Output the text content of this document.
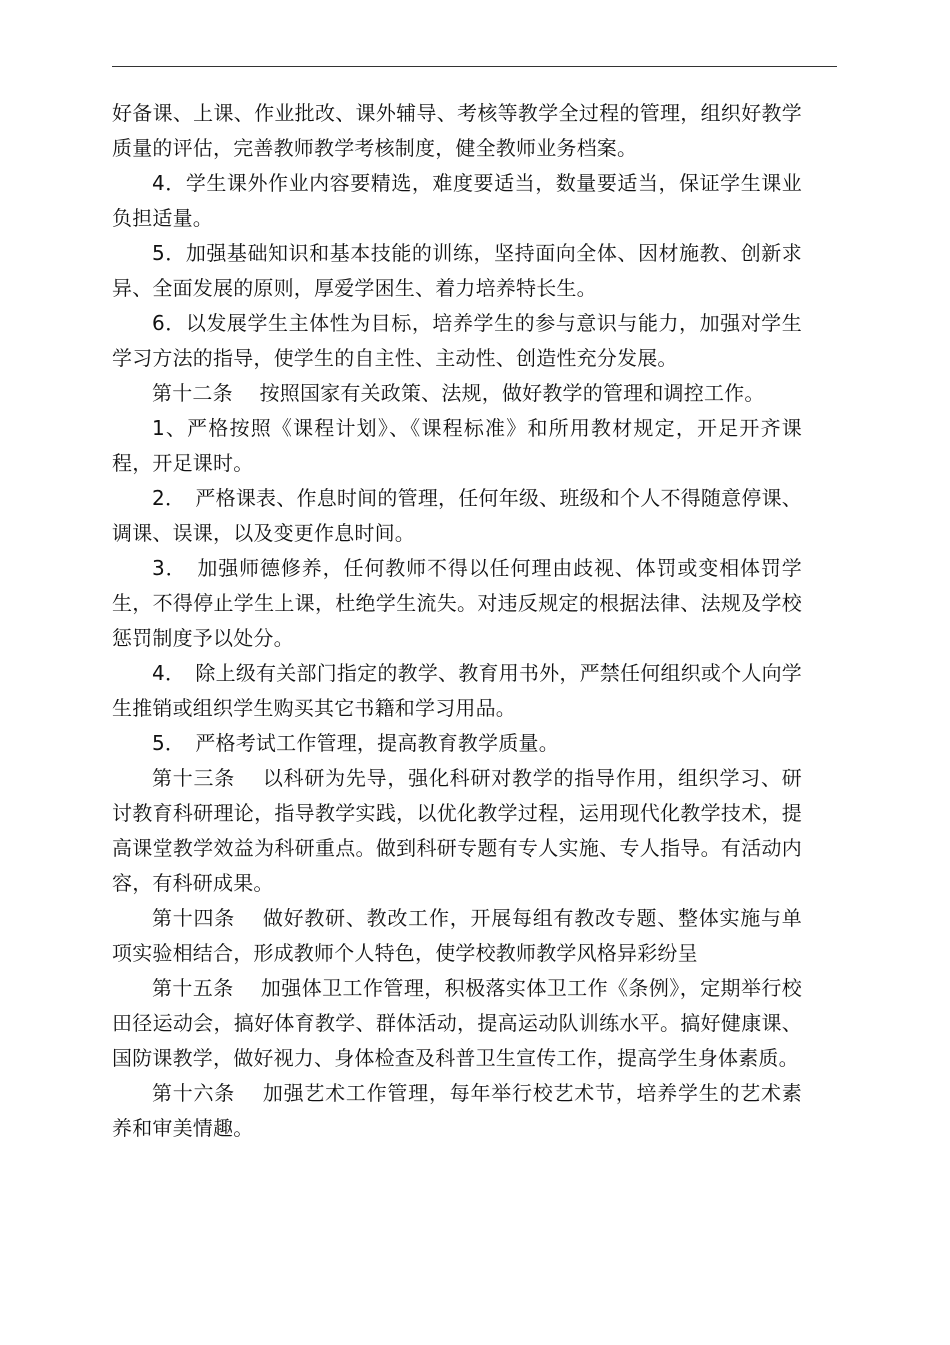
好备课、上课、作业批改、课外辅导、考核等教学全过程的管理，组织好教学质量的评估，完善教师教学考核制度，健全教师业务档案。

4．学生课外作业内容要精选，难度要适当，数量要适当，保证学生课业负担适量。

5．加强基础知识和基本技能的训练，坚持面向全体、因材施教、创新求异、全面发展的原则，厚爱学困生、着力培养特长生。

6．以发展学生主体性为目标，培养学生的参与意识与能力，加强对学生学习方法的指导，使学生的自主性、主动性、创造性充分发展。

第十二条　 按照国家有关政策、法规，做好教学的管理和调控工作。

1、严格按照《课程计划》、《课程标准》和所用教材规定，开足开齐课程，开足课时。

2．　严格课表、作息时间的管理，任何年级、班级和个人不得随意停课、调课、误课，以及变更作息时间。

3．　加强师德修养，任何教师不得以任何理由歧视、体罚或变相体罚学生，不得停止学生上课，杜绝学生流失。对违反规定的根据法律、法规及学校惩罚制度予以处分。

4．　除上级有关部门指定的教学、教育用书外，严禁任何组织或个人向学生推销或组织学生购买其它书籍和学习用品。

5．　严格考试工作管理，提高教育教学质量。

第十三条　 以科研为先导，强化科研对教学的指导作用，组织学习、研讨教育科研理论，指导教学实践，以优化教学过程，运用现代化教学技术，提高课堂教学效益为科研重点。做到科研专题有专人实施、专人指导。有活动内容，有科研成果。

第十四条　 做好教研、教改工作，开展每组有教改专题、整体实施与单项实验相结合，形成教师个人特色，使学校教师教学风格异彩纷呈

第十五条　 加强体卫工作管理，积极落实体卫工作《条例》，定期举行校田径运动会，搞好体育教学、群体活动，提高运动队训练水平。搞好健康课、国防课教学，做好视力、身体检查及科普卫生宣传工作，提高学生身体素质。

第十六条　 加强艺术工作管理，每年举行校艺术节，培养学生的艺术素养和审美情趣。
